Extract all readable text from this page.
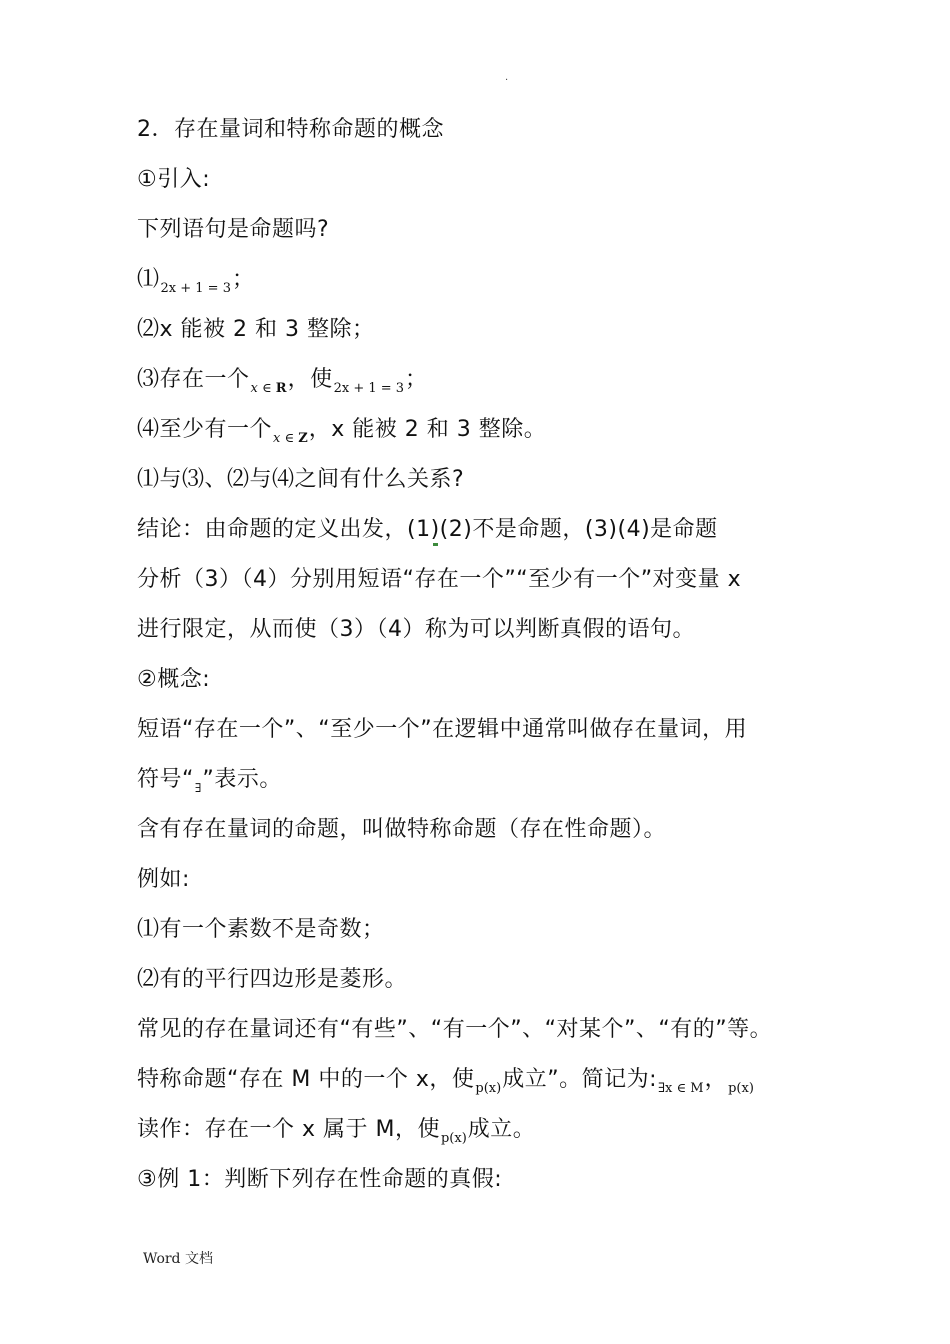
.
2．存在量词和特称命题的概念
①引入:
下列语句是命题吗?
$⑴_{2x + 1 = 3}$；
⑵x 能被 2 和 3 整除；
⑶存在一个$_{x \in R}$，使$_{2x + 1 = 3}$；
⑷至少有一个$_{x \in Z}$，x 能被 2 和 3 整除。
⑴与⑶、⑵与⑷之间有什么关系?
结论：由命题的定义出发，(1)(2)不是命题，(3)(4)是命题
分析（3）（4）分别用短语“存在一个”“至少有一个”对变量 x
进行限定，从而使（3）（4）称为可以判断真假的语句。
②概念:
短语“存在一个”、“至少一个”在逻辑中通常叫做存在量词，用
符号“$_\exists$”表示。
含有存在量词的命题，叫做特称命题（存在性命题）。
例如:
⑴有一个素数不是奇数；
⑵有的平行四边形是菱形。
常见的存在量词还有“有些”、“有一个”、“对某个”、“有的”等。
特称命题“存在 M 中的一个 x，使$_{p(x)}$成立”。简记为$:_{\exists x \in M}$，$_{p(x)}$
读作：存在一个 x 属于 M，使$_{p(x)}$成立。
③例 1：判断下列存在性命题的真假:
Word 文档
